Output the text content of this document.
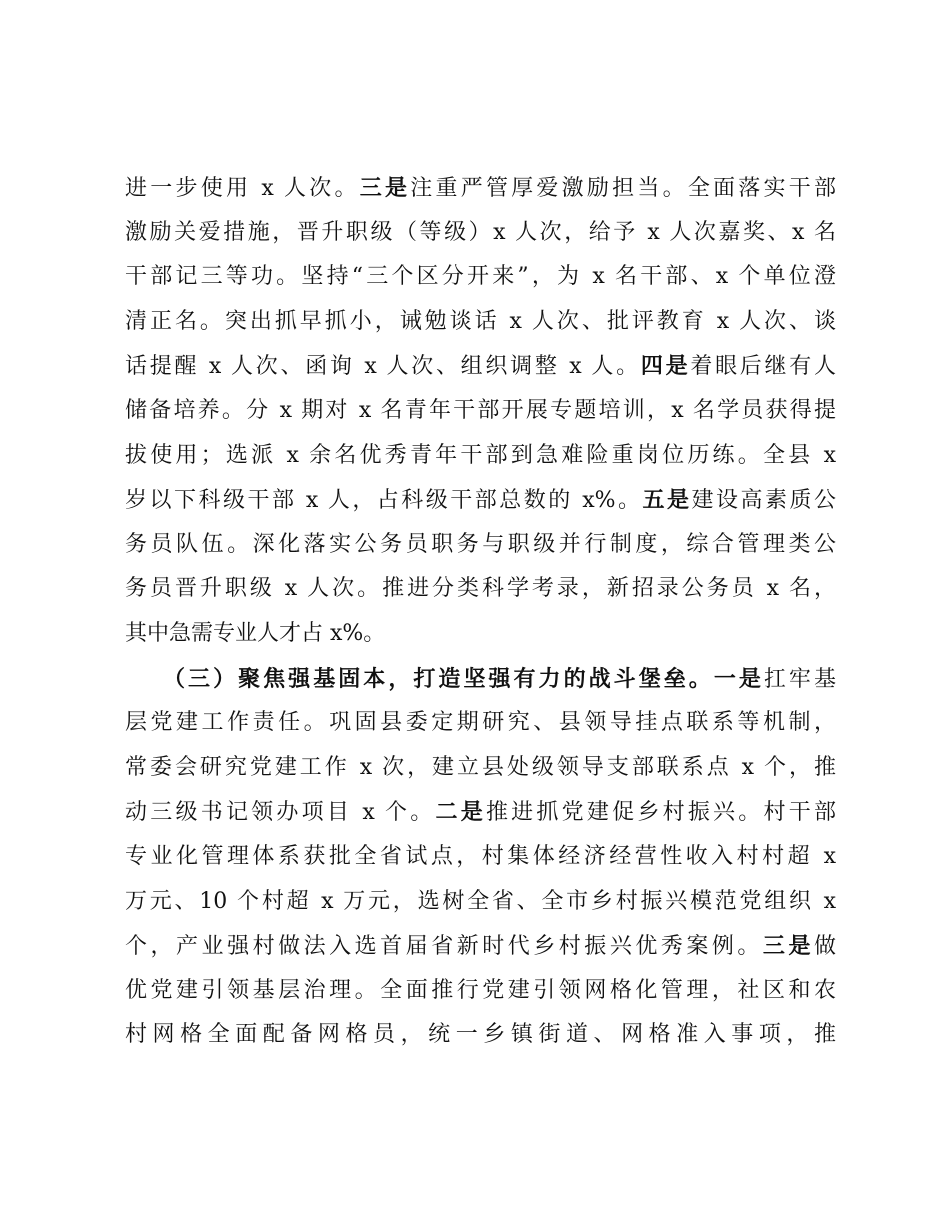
进一步使用 x 人次。三是注重严管厚爱激励担当。全面落实干部
激励关爱措施，晋升职级（等级）x 人次，给予 x 人次嘉奖、x 名
干部记三等功。坚持“三个区分开来”，为 x 名干部、x 个单位澄
清正名。突出抓早抓小，诫勉谈话 x 人次、批评教育 x 人次、谈
话提醒 x 人次、函询 x 人次、组织调整 x 人。四是着眼后继有人
储备培养。分 x 期对 x 名青年干部开展专题培训，x 名学员获得提
拔使用；选派 x 余名优秀青年干部到急难险重岗位历练。全县 x
岁以下科级干部 x 人，占科级干部总数的 x%。五是建设高素质公
务员队伍。深化落实公务员职务与职级并行制度，综合管理类公
务员晋升职级 x 人次。推进分类科学考录，新招录公务员 x 名，
其中急需专业人才占 x%。
（三）聚焦强基固本，打造坚强有力的战斗堡垒。一是扛牢基
层党建工作责任。巩固县委定期研究、县领导挂点联系等机制，
常委会研究党建工作 x 次，建立县处级领导支部联系点 x 个，推
动三级书记领办项目 x 个。二是推进抓党建促乡村振兴。村干部
专业化管理体系获批全省试点，村集体经济经营性收入村村超 x
万元、10 个村超 x 万元，选树全省、全市乡村振兴模范党组织 x
个，产业强村做法入选首届省新时代乡村振兴优秀案例。三是做
优党建引领基层治理。全面推行党建引领网格化管理，社区和农
村网格全面配备网格员，统一乡镇街道、网格准入事项，推
